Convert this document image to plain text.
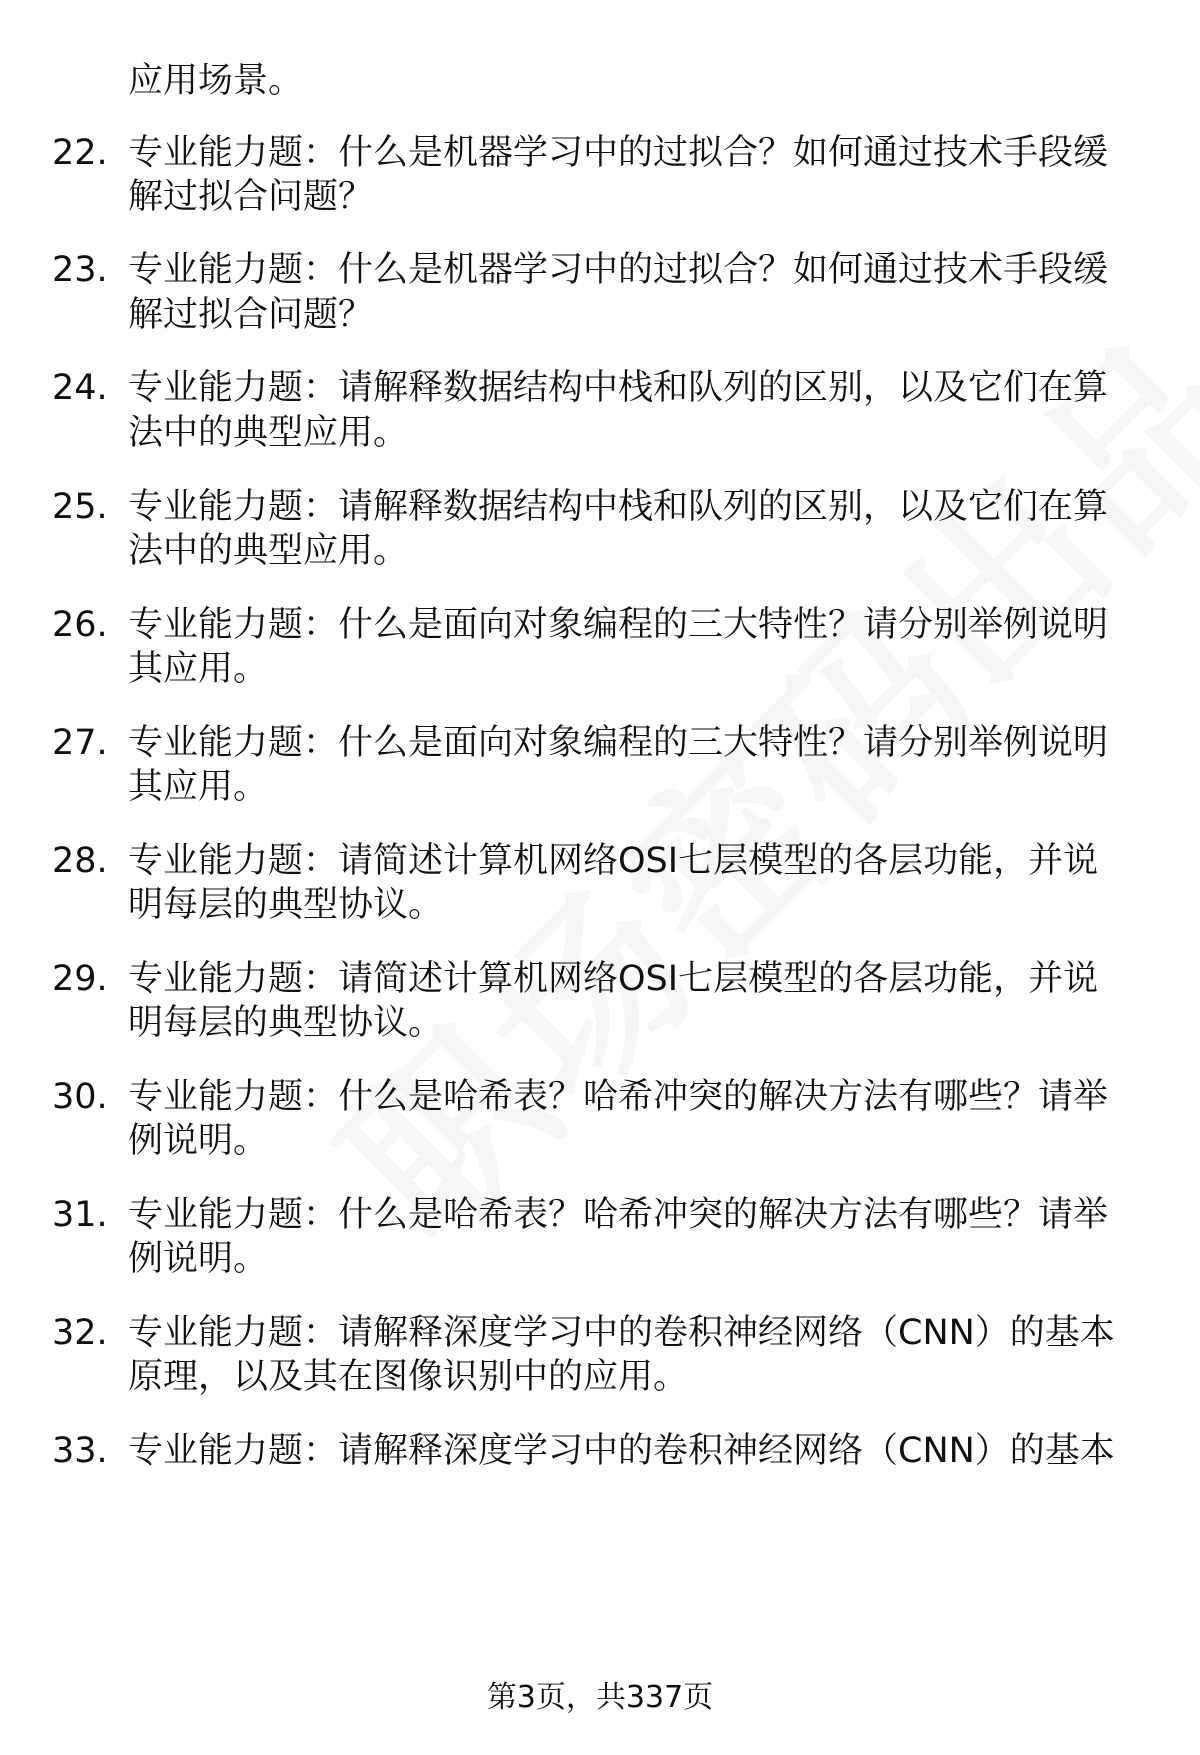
应用场景。
22. 专业能力题：什么是机器学习中的过拟合？如何通过技术手段缓
解过拟合问题？
23. 专业能力题：什么是机器学习中的过拟合？如何通过技术手段缓
解过拟合问题？
24. 专业能力题：请解释数据结构中栈和队列的区别，以及它们在算
法中的典型应用。
25. 专业能力题：请解释数据结构中栈和队列的区别，以及它们在算
法中的典型应用。
26. 专业能力题：什么是面向对象编程的三大特性？请分别举例说明
其应用。
27. 专业能力题：什么是面向对象编程的三大特性？请分别举例说明
其应用。
28. 专业能力题：请简述计算机网络OSI七层模型的各层功能，并说
明每层的典型协议。
29. 专业能力题：请简述计算机网络OSI七层模型的各层功能，并说
明每层的典型协议。
30. 专业能力题：什么是哈希表？哈希冲突的解决方法有哪些？请举
例说明。
31. 专业能力题：什么是哈希表？哈希冲突的解决方法有哪些？请举
例说明。
32. 专业能力题：请解释深度学习中的卷积神经网络（CNN）的基本
原理，以及其在图像识别中的应用。
33. 专业能力题：请解释深度学习中的卷积神经网络（CNN）的基本
第3页，共337页
